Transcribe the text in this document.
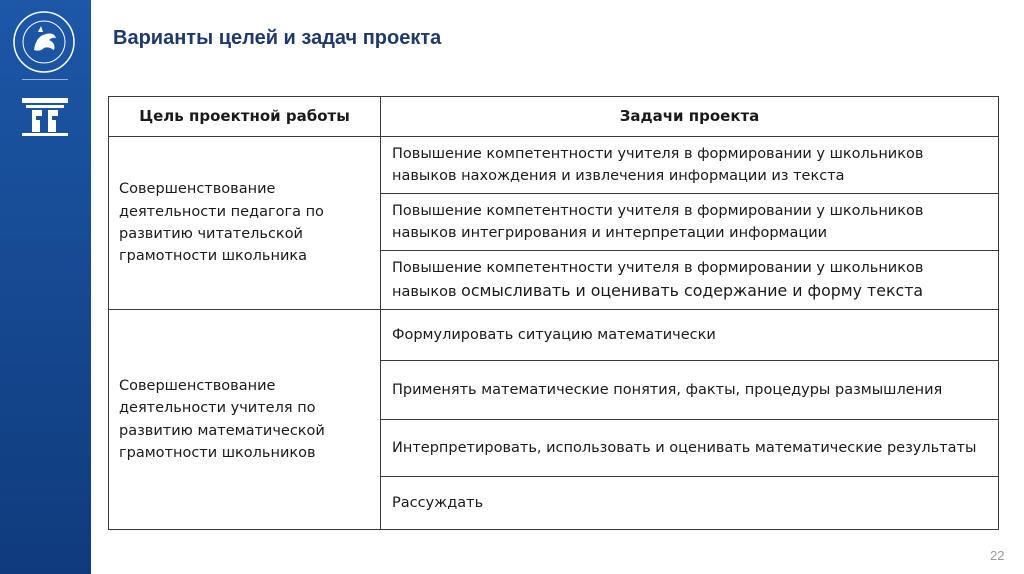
Варианты целей и задач проекта
Цель проектной работы	Задачи проекта
Совершенствование деятельности педагога по развитию читательской грамотности школьника	Повышение компетентности учителя в формировании у школьников навыков нахождения и извлечения информации из текста
	Повышение компетентности учителя в формировании у школьников навыков интегрирования и интерпретации информации
	Повышение компетентности учителя в формировании у школьников навыков осмысливать и оценивать содержание и форму текста
Совершенствование деятельности учителя по развитию математической грамотности школьников	Формулировать ситуацию математически
	Применять математические понятия, факты, процедуры размышления
	Интерпретировать, использовать и оценивать математические результаты
	Рассуждать
22
